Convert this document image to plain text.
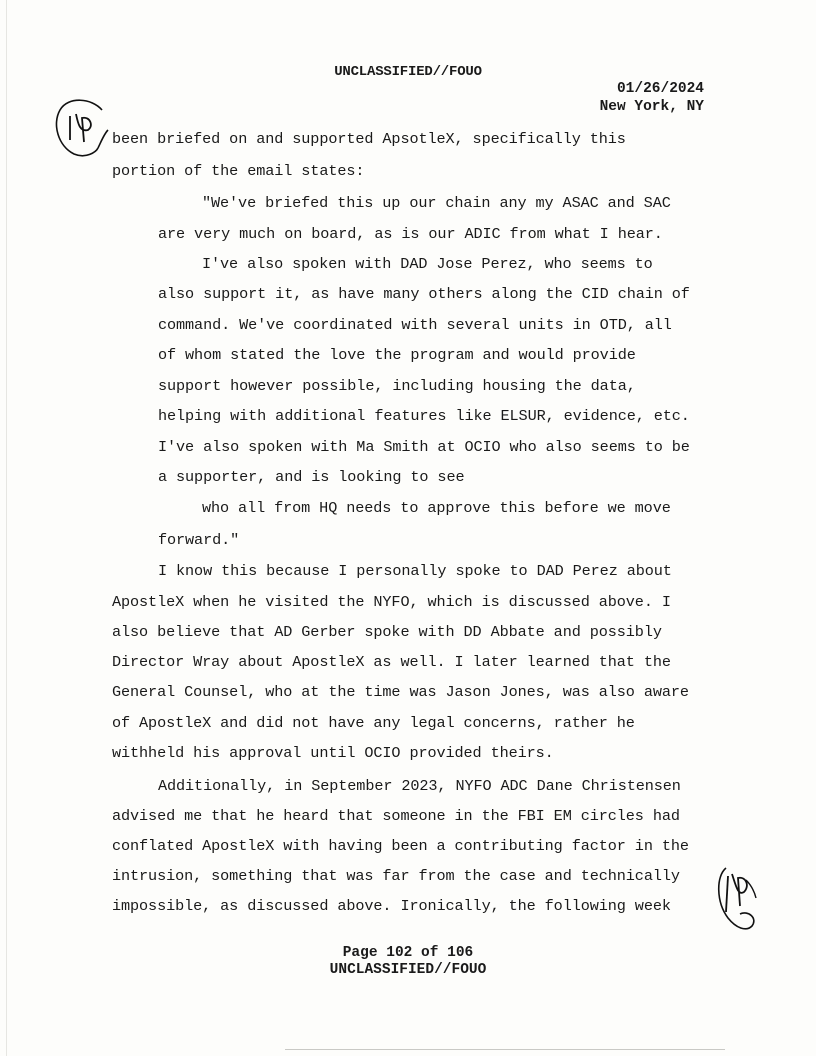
UNCLASSIFIED//FOUO
01/26/2024
New York, NY
been briefed on and supported ApsotleX, specifically this
portion of the email states:
"We've briefed this up our chain any my ASAC and SAC
are very much on board, as is our ADIC from what I hear.
I've also spoken with DAD Jose Perez, who seems to
also support it, as have many others along the CID chain of
command. We've coordinated with several units in OTD, all
of whom stated the love the program and would provide
support however possible, including housing the data,
helping with additional features like ELSUR, evidence, etc.
I've also spoken with Ma Smith at OCIO who also seems to be
a supporter, and is looking to see
who all from HQ needs to approve this before we move
forward."
I know this because I personally spoke to DAD Perez about
ApostleX when he visited the NYFO, which is discussed above. I
also believe that AD Gerber spoke with DD Abbate and possibly
Director Wray about ApostleX as well. I later learned that the
General Counsel, who at the time was Jason Jones, was also aware
of ApostleX and did not have any legal concerns, rather he
withheld his approval until OCIO provided theirs.
Additionally, in September 2023, NYFO ADC Dane Christensen
advised me that he heard that someone in the FBI EM circles had
conflated ApostleX with having been a contributing factor in the
intrusion, something that was far from the case and technically
impossible, as discussed above. Ironically, the following week
Page 102 of 106
UNCLASSIFIED//FOUO
